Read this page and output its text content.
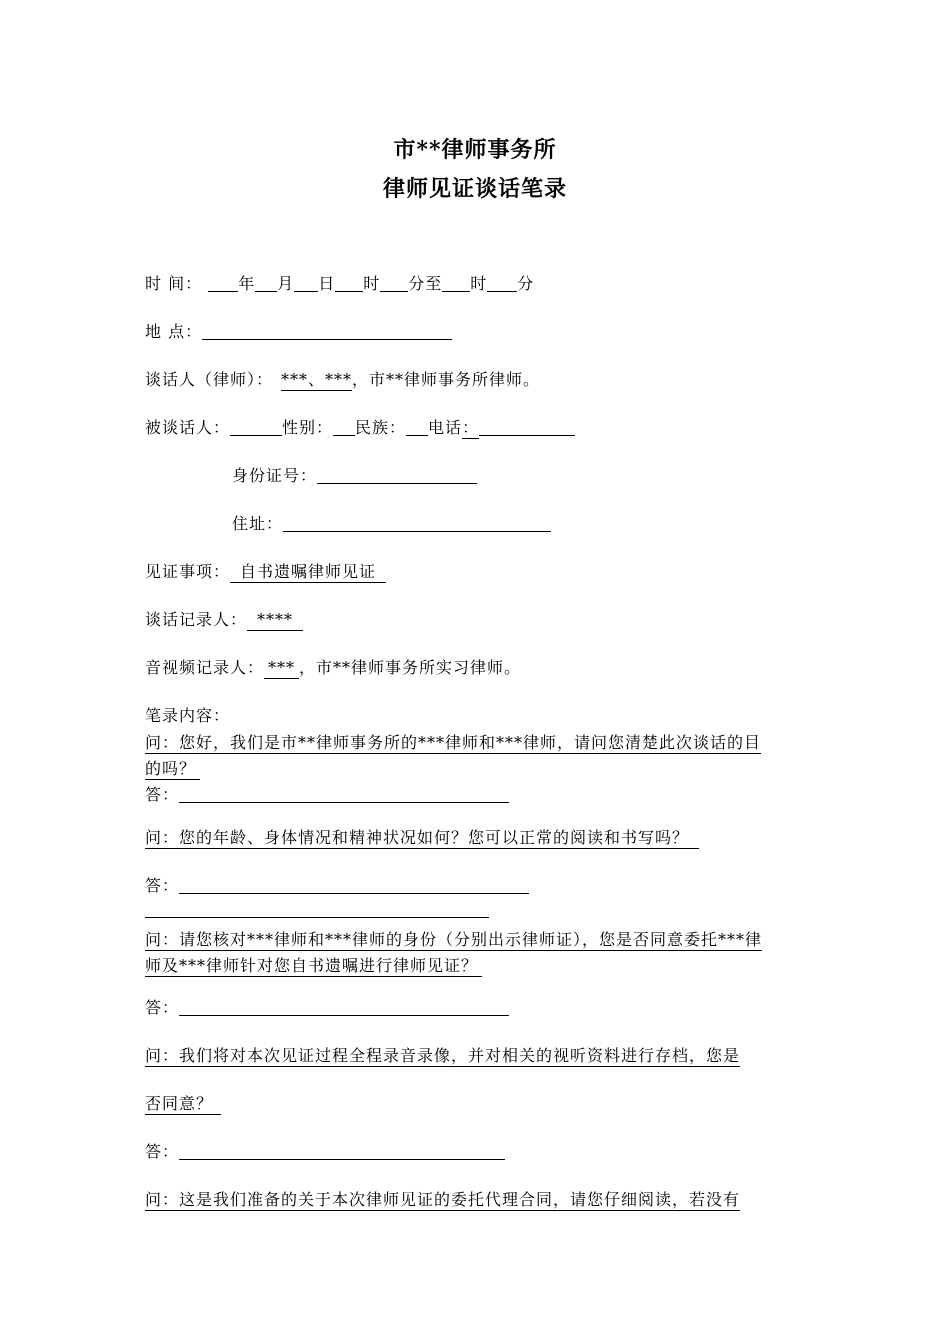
市**律师事务所
律师见证谈话笔录
时 间： 年 月 日 时 分至 时 分
地 点：
谈话人（律师）： ***、***，市**律师事务所律师。
被谈话人：	性别： 民族： 电话：
身份证号：
住址：
见证事项： 自书遗嘱律师见证
谈话记录人： ****
音视频记录人： *** ，市**律师事务所实习律师。
笔录内容：
问：您好，我们是市**律师事务所的***律师和***律师，请问您清楚此次谈话的目
的吗？
答：
问：您的年龄、身体情况和精神状况如何？您可以正常的阅读和书写吗？
答：
问：请您核对***律师和***律师的身份（分别出示律师证），您是否同意委托***律
师及***律师针对您自书遗嘱进行律师见证？
答：
问：我们将对本次见证过程全程录音录像，并对相关的视听资料进行存档，您是
否同意？
答：
问：这是我们准备的关于本次律师见证的委托代理合同，请您仔细阅读，若没有
